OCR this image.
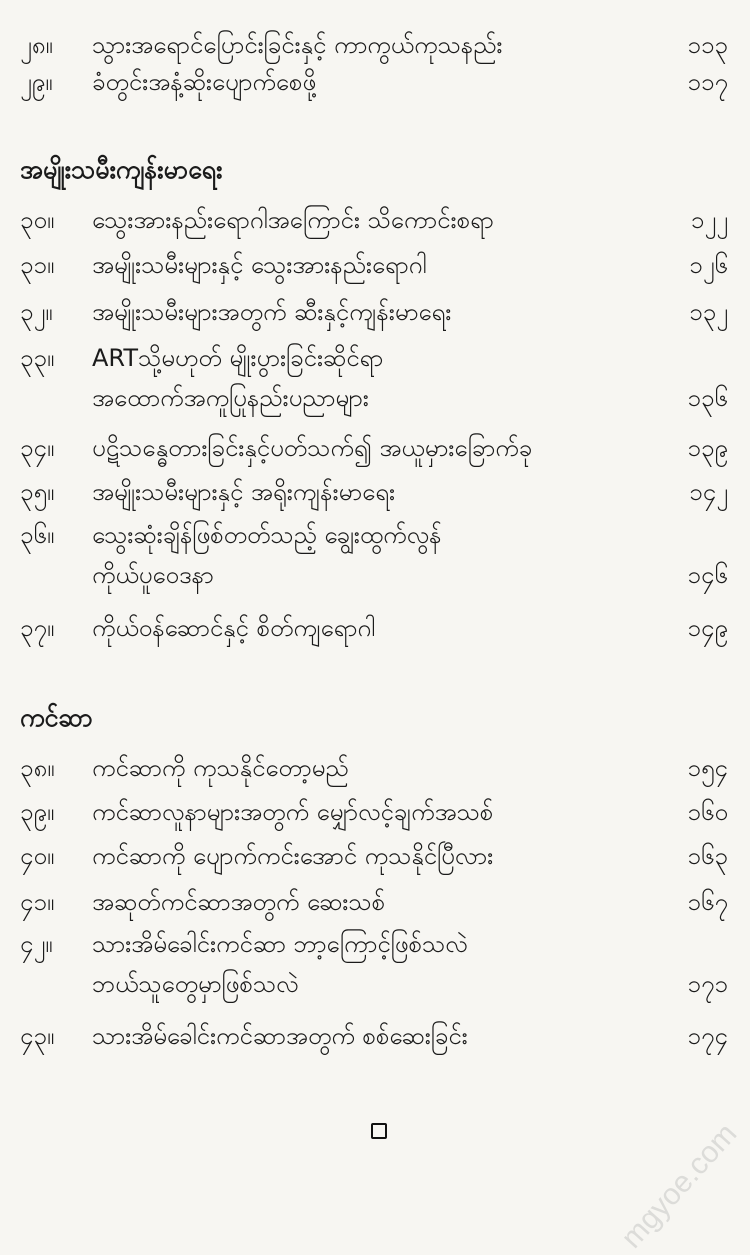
၂၈။	သွားအရောင်ပြောင်းခြင်းနှင့် ကာကွယ်ကုသနည်း	၁၁၃
၂၉။	ခံတွင်းအနံ့ဆိုးပျောက်စေဖို့	၁၁၇
အမျိုးသမီးကျန်းမာရေး
၃၀။	သွေးအားနည်းရောဂါအကြောင်း သိကောင်းစရာ	၁၂၂
၃၁။	အမျိုးသမီးများနှင့် သွေးအားနည်းရောဂါ	၁၂၆
၃၂။	အမျိုးသမီးများအတွက် ဆီးနှင့်ကျန်းမာရေး	၁၃၂
၃၃။	ARTသို့မဟုတ် မျိုးပွားခြင်းဆိုင်ရာ
အထောက်အကူပြုနည်းပညာများ	၁၃၆
၃၄။	ပဋိသန္ဓေတားခြင်းနှင့်ပတ်သက်၍ အယူမှားခြောက်ခု	၁၃၉
၃၅။	အမျိုးသမီးများနှင့် အရိုးကျန်းမာရေး	၁၄၂
၃၆။	သွေးဆုံးချိန်ဖြစ်တတ်သည့် ချွေးထွက်လွန်
ကိုယ်ပူဝေဒနာ	၁၄၆
၃၇။	ကိုယ်ဝန်ဆောင်နှင့် စိတ်ကျရောဂါ	၁၄၉
ကင်ဆာ
၃၈။	ကင်ဆာကို ကုသနိုင်တော့မည်	၁၅၄
၃၉။	ကင်ဆာလူနာများအတွက် မျှော်လင့်ချက်အသစ်	၁၆၀
၄၀။	ကင်ဆာကို ပျောက်ကင်းအောင် ကုသနိုင်ပြီလား	၁၆၃
၄၁။	အဆုတ်ကင်ဆာအတွက် ဆေးသစ်	၁၆၇
၄၂။	သားအိမ်ခေါင်းကင်ဆာ ဘာ့ကြောင့်ဖြစ်သလဲ
ဘယ်သူတွေမှာဖြစ်သလဲ	၁၇၁
၄၃။	သားအိမ်ခေါင်းကင်ဆာအတွက် စစ်ဆေးခြင်း	၁၇၄
mgyoe.com
